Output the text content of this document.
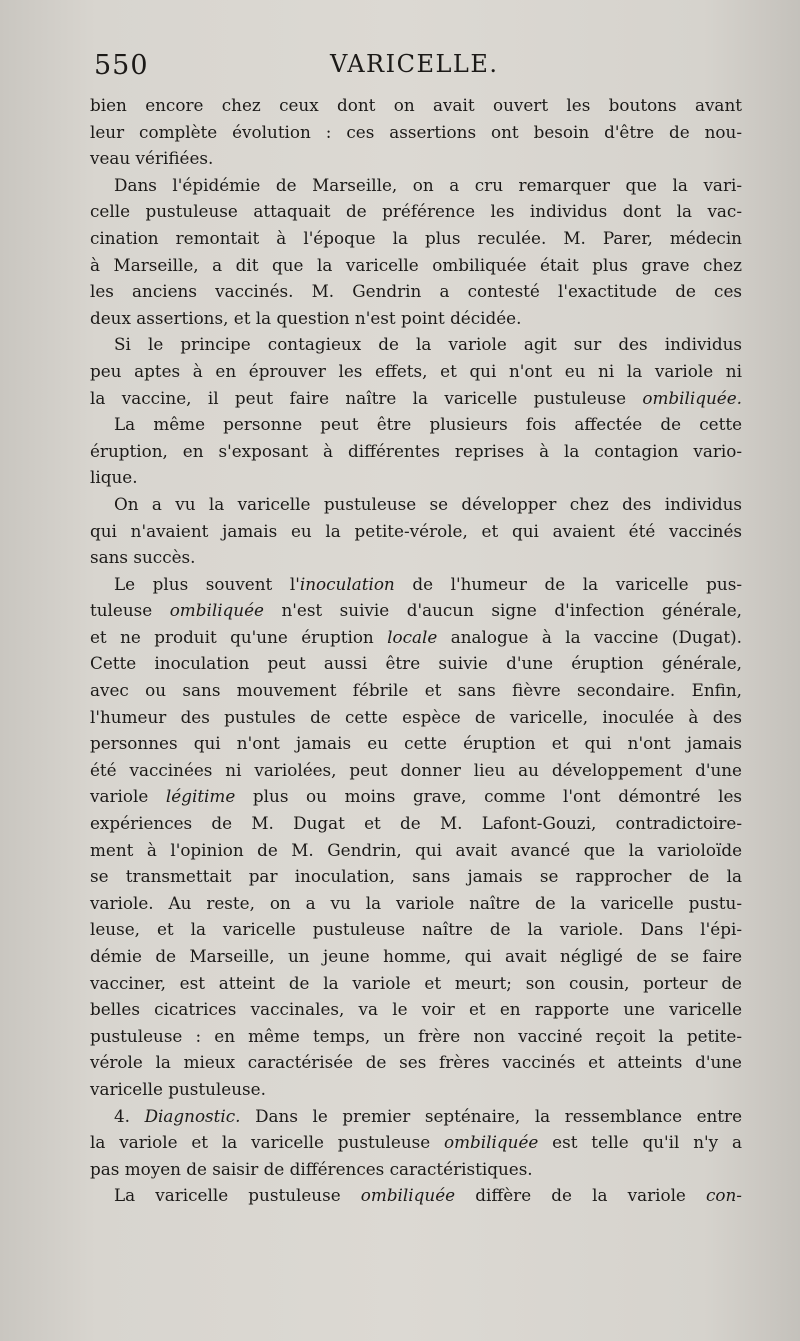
550	VARICELLE.
bien encore chez ceux dont on avait ouvert les boutons avant
leur complète évolution : ces assertions ont besoin d'être de nou-
veau vérifiées.
Dans l'épidémie de Marseille, on a cru remarquer que la vari-
celle pustuleuse attaquait de préférence les individus dont la vac-
cination remontait à l'époque la plus reculée. M. Parer, médecin
à Marseille, a dit que la varicelle ombiliquée était plus grave chez
les anciens vaccinés. M. Gendrin a contesté l'exactitude de ces
deux assertions, et la question n'est point décidée.
Si le principe contagieux de la variole agit sur des individus
peu aptes à en éprouver les effets, et qui n'ont eu ni la variole ni
la vaccine, il peut faire naître la varicelle pustuleuse ombiliquée.
La même personne peut être plusieurs fois affectée de cette
éruption, en s'exposant à différentes reprises à la contagion vario-
lique.
On a vu la varicelle pustuleuse se développer chez des individus
qui n'avaient jamais eu la petite-vérole, et qui avaient été vaccinés
sans succès.
Le plus souvent l'inoculation de l'humeur de la varicelle pus-
tuleuse ombiliquée n'est suivie d'aucun signe d'infection générale,
et ne produit qu'une éruption locale analogue à la vaccine (Dugat).
Cette inoculation peut aussi être suivie d'une éruption générale,
avec ou sans mouvement fébrile et sans fièvre secondaire. Enfin,
l'humeur des pustules de cette espèce de varicelle, inoculée à des
personnes qui n'ont jamais eu cette éruption et qui n'ont jamais
été vaccinées ni variolées, peut donner lieu au développement d'une
variole légitime plus ou moins grave, comme l'ont démontré les
expériences de M. Dugat et de M. Lafont-Gouzi, contradictoire-
ment à l'opinion de M. Gendrin, qui avait avancé que la varioloïde
se transmettait par inoculation, sans jamais se rapprocher de la
variole. Au reste, on a vu la variole naître de la varicelle pustu-
leuse, et la varicelle pustuleuse naître de la variole. Dans l'épi-
démie de Marseille, un jeune homme, qui avait négligé de se faire
vacciner, est atteint de la variole et meurt; son cousin, porteur de
belles cicatrices vaccinales, va le voir et en rapporte une varicelle
pustuleuse : en même temps, un frère non vacciné reçoit la petite-
vérole la mieux caractérisée de ses frères vaccinés et atteints d'une
varicelle pustuleuse.
4. Diagnostic. Dans le premier septénaire, la ressemblance entre
la variole et la varicelle pustuleuse ombiliquée est telle qu'il n'y a
pas moyen de saisir de différences caractéristiques.
La varicelle pustuleuse ombiliquée diffère de la variole con-
